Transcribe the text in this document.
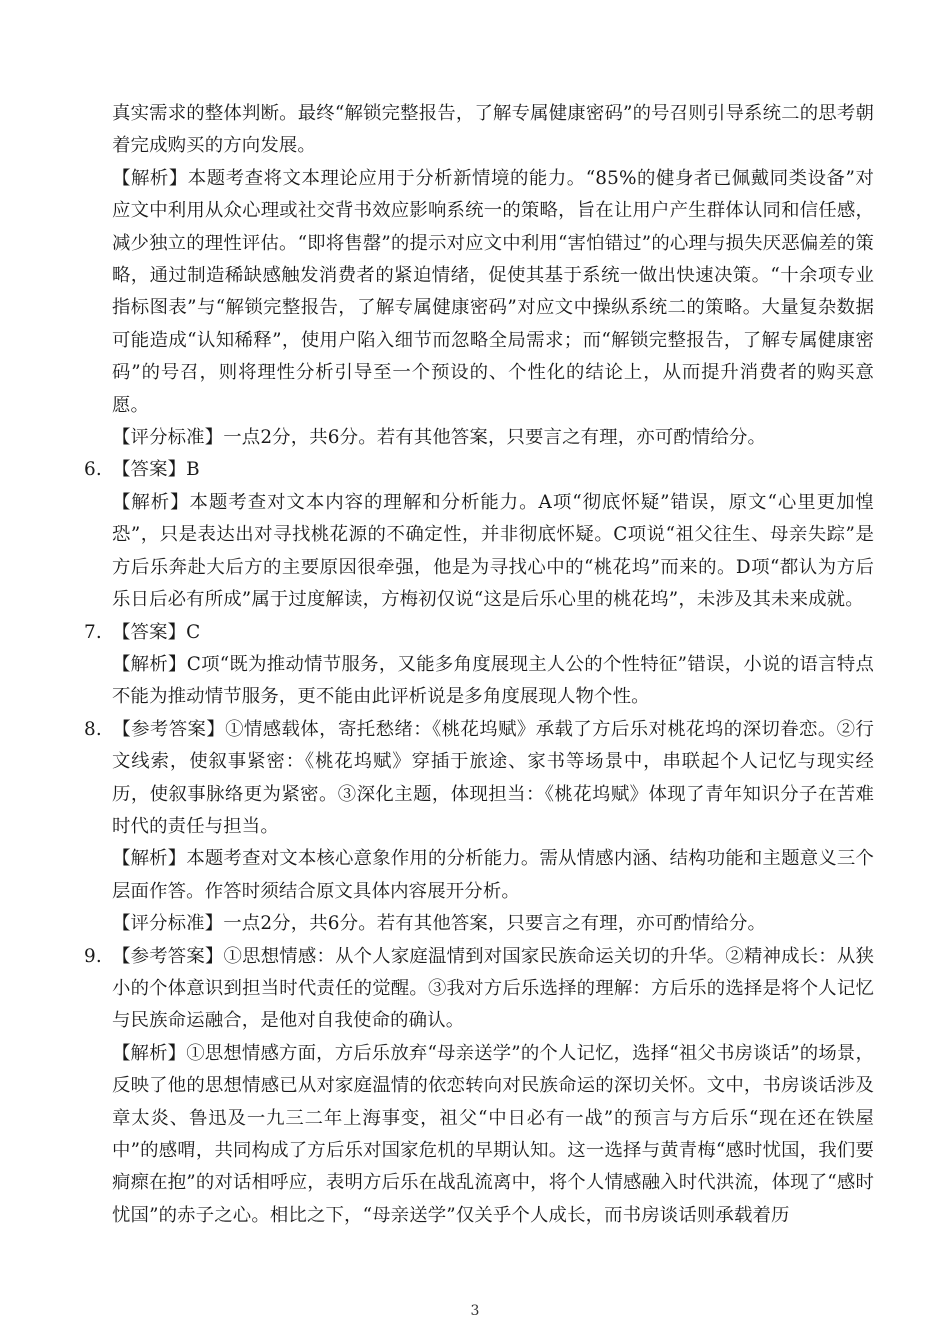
真实需求的整体判断。最终“解锁完整报告，了解专属健康密码”的号召则引导系统二的思考朝着完成购买的方向发展。

【解析】本题考查将文本理论应用于分析新情境的能力。“85%的健身者已佩戴同类设备”对应文中利用从众心理或社交背书效应影响系统一的策略，旨在让用户产生群体认同和信任感，减少独立的理性评估。“即将售罄”的提示对应文中利用“害怕错过”的心理与损失厌恶偏差的策略，通过制造稀缺感触发消费者的紧迫情绪，促使其基于系统一做出快速决策。“十余项专业指标图表”与“解锁完整报告，了解专属健康密码”对应文中操纵系统二的策略。大量复杂数据可能造成“认知稀释”，使用户陷入细节而忽略全局需求；而“解锁完整报告，了解专属健康密码”的号召，则将理性分析引导至一个预设的、个性化的结论上，从而提升消费者的购买意愿。

【评分标准】一点2分，共6分。若有其他答案，只要言之有理，亦可酌情给分。

6. 【答案】B

【解析】本题考查对文本内容的理解和分析能力。A项“彻底怀疑”错误，原文“心里更加惶恐”，只是表达出对寻找桃花源的不确定性，并非彻底怀疑。C项说“祖父往生、母亲失踪”是方后乐奔赴大后方的主要原因很牵强，他是为寻找心中的“桃花坞”而来的。D项“都认为方后乐日后必有所成”属于过度解读，方梅初仅说“这是后乐心里的桃花坞”，未涉及其未来成就。

7. 【答案】C

【解析】C项“既为推动情节服务，又能多角度展现主人公的个性特征”错误，小说的语言特点不能为推动情节服务，更不能由此评析说是多角度展现人物个性。

8. 【参考答案】①情感载体，寄托愁绪：《桃花坞赋》承载了方后乐对桃花坞的深切眷恋。②行文线索，使叙事紧密：《桃花坞赋》穿插于旅途、家书等场景中，串联起个人记忆与现实经历，使叙事脉络更为紧密。③深化主题，体现担当：《桃花坞赋》体现了青年知识分子在苦难时代的责任与担当。

【解析】本题考查对文本核心意象作用的分析能力。需从情感内涵、结构功能和主题意义三个层面作答。作答时须结合原文具体内容展开分析。

【评分标准】一点2分，共6分。若有其他答案，只要言之有理，亦可酌情给分。

9. 【参考答案】①思想情感：从个人家庭温情到对国家民族命运关切的升华。②精神成长：从狭小的个体意识到担当时代责任的觉醒。③我对方后乐选择的理解：方后乐的选择是将个人记忆与民族命运融合，是他对自我使命的确认。

【解析】①思想情感方面，方后乐放弃“母亲送学”的个人记忆，选择“祖父书房谈话”的场景，反映了他的思想情感已从对家庭温情的依恋转向对民族命运的深切关怀。文中，书房谈话涉及章太炎、鲁迅及一九三二年上海事变，祖父“中日必有一战”的预言与方后乐“现在还在铁屋中”的感喟，共同构成了方后乐对国家危机的早期认知。这一选择与黄青梅“感时忧国，我们要痌瘝在抱”的对话相呼应，表明方后乐在战乱流离中，将个人情感融入时代洪流，体现了“感时忧国”的赤子之心。相比之下，“母亲送学”仅关乎个人成长，而书房谈话则承载着历

3
